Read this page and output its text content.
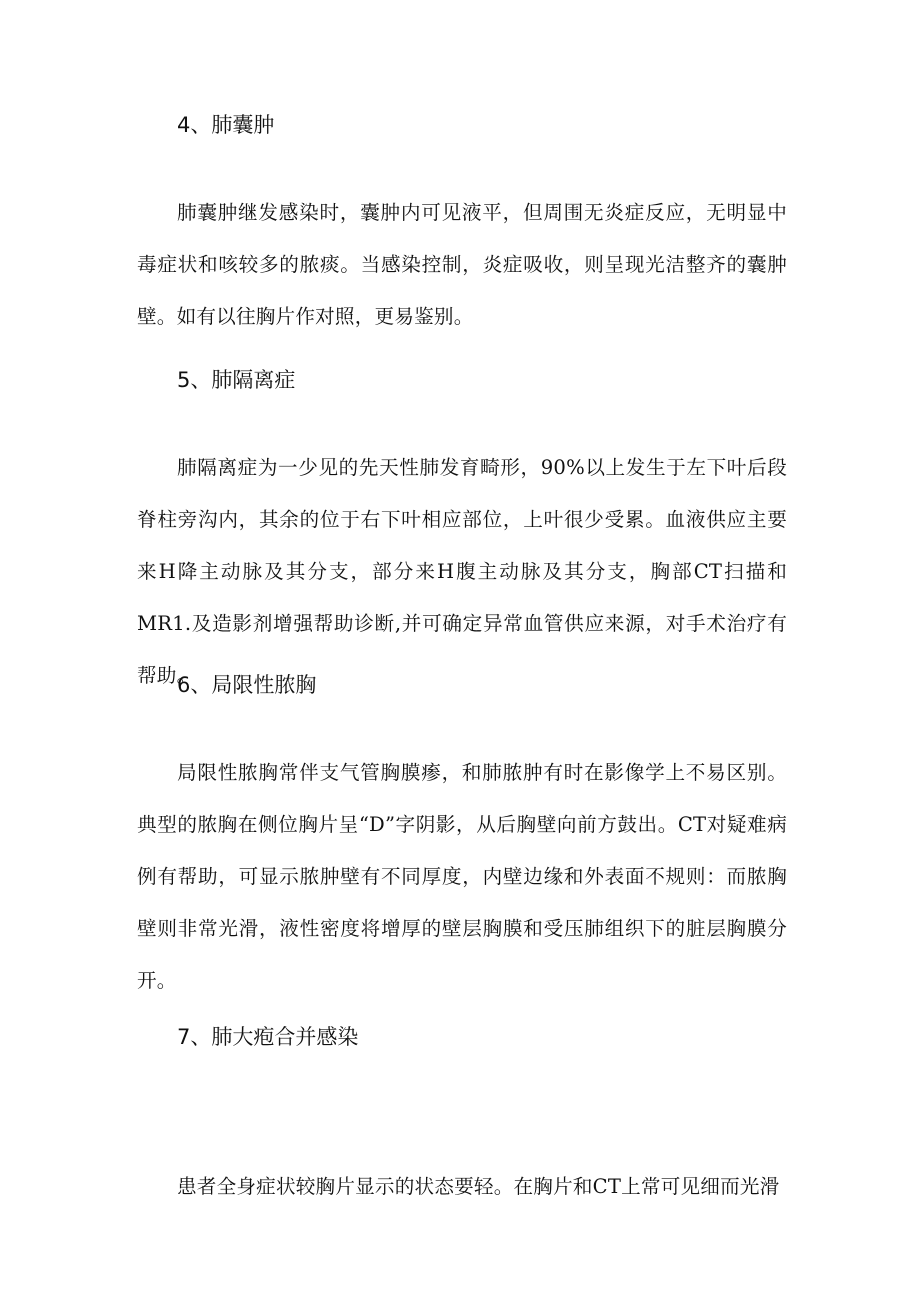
4、肺囊肿

肺囊肿继发感染时，囊肿内可见液平，但周围无炎症反应，无明显中毒症状和咳较多的脓痰。当感染控制，炎症吸收，则呈现光洁整齐的囊肿壁。如有以往胸片作对照，更易鉴别。

5、肺隔离症

肺隔离症为一少见的先天性肺发育畸形，90%以上发生于左下叶后段脊柱旁沟内，其余的位于右下叶相应部位，上叶很少受累。血液供应主要来H降主动脉及其分支，部分来H腹主动脉及其分支，胸部CT扫描和MR1.及造影剂增强帮助诊断,并可确定异常血管供应来源，对手术治疗有帮助。

6、局限性脓胸

局限性脓胸常伴支气管胸膜瘆，和肺脓肿有时在影像学上不易区别。典型的脓胸在侧位胸片呈“D”字阴影，从后胸壁向前方鼓出。CT对疑难病例有帮助，可显示脓肿壁有不同厚度，内壁边缘和外表面不规则：而脓胸壁则非常光滑，液性密度将增厚的壁层胸膜和受压肺组织下的脏层胸膜分开。

7、肺大疱合并感染

患者全身症状较胸片显示的状态要轻。在胸片和CT上常可见细而光滑
